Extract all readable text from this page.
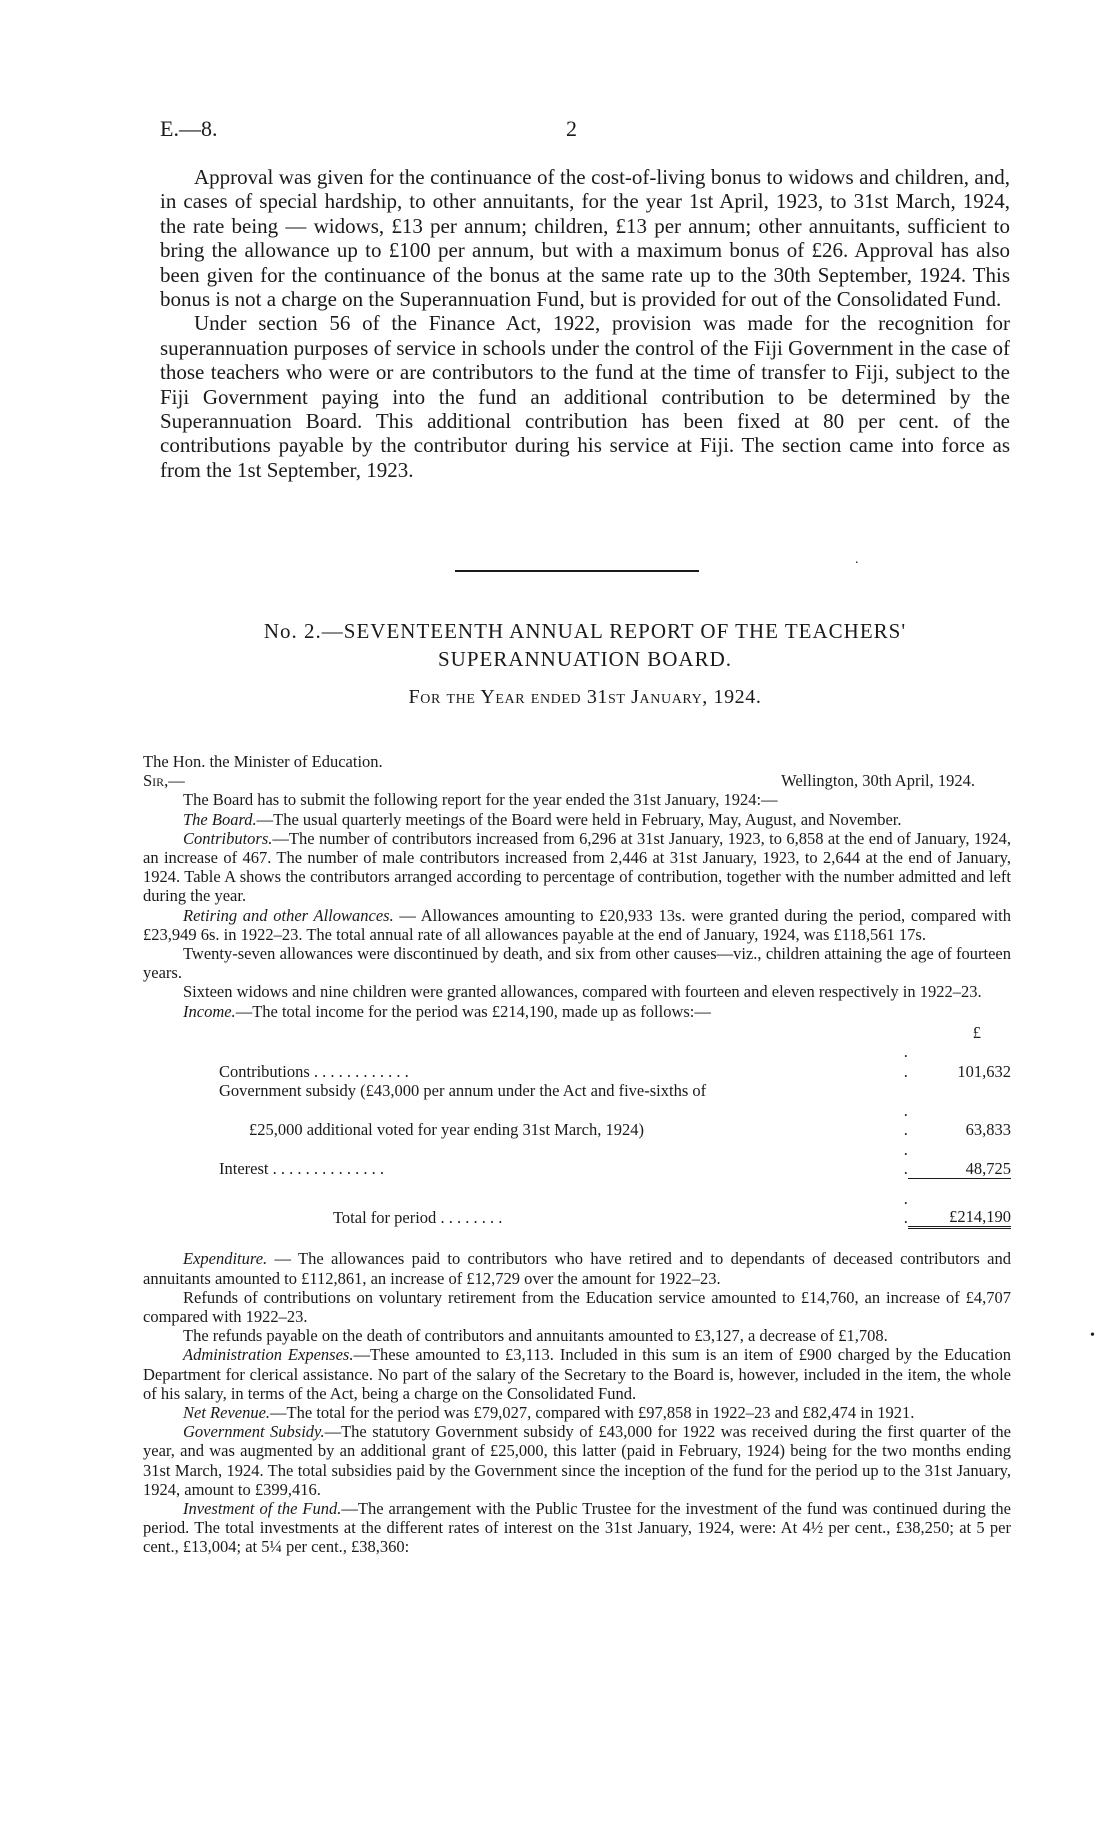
E.—8.	2

Approval was given for the continuance of the cost-of-living bonus to widows and children, and, in cases of special hardship, to other annuitants, for the year 1st April, 1923, to 31st March, 1924, the rate being — widows, £13 per annum; children, £13 per annum; other annuitants, sufficient to bring the allowance up to £100 per annum, but with a maximum bonus of £26. Approval has also been given for the continuance of the bonus at the same rate up to the 30th September, 1924. This bonus is not a charge on the Superannuation Fund, but is provided for out of the Consolidated Fund.

Under section 56 of the Finance Act, 1922, provision was made for the recognition for superannuation purposes of service in schools under the control of the Fiji Government in the case of those teachers who were or are contributors to the fund at the time of transfer to Fiji, subject to the Fiji Government paying into the fund an additional contribution to be determined by the Superannuation Board. This additional contribution has been fixed at 80 per cent. of the contributions payable by the contributor during his service at Fiji. The section came into force as from the 1st September, 1923.

.
No. 2.—SEVENTEENTH ANNUAL REPORT OF THE TEACHERS' SUPERANNUATION BOARD.
For the Year ended 31st January, 1924.

The Hon. the Minister of Education.

Sir,—	Wellington, 30th April, 1924.

The Board has to submit the following report for the year ended the 31st January, 1924:—

The Board.—The usual quarterly meetings of the Board were held in February, May, August, and November.

Contributors.—The number of contributors increased from 6,296 at 31st January, 1923, to 6,858 at the end of January, 1924, an increase of 467. The number of male contributors increased from 2,446 at 31st January, 1923, to 2,644 at the end of January, 1924. Table A shows the contributors arranged according to percentage of contribution, together with the number admitted and left during the year.

Retiring and other Allowances. — Allowances amounting to £20,933 13s. were granted during the period, compared with £23,949 6s. in 1922–23. The total annual rate of all allowances payable at the end of January, 1924, was £118,561 17s.

Twenty-seven allowances were discontinued by death, and six from other causes—viz., children attaining the age of fourteen years.

Sixteen widows and nine children were granted allowances, compared with fourteen and eleven respectively in 1922–23.

Income.—The total income for the period was £214,190, made up as follows:—

		£
Contributions . . . . . . . . . . . .	. .	101,632
Government subsidy (£43,000 per annum under the Act and five-sixths of		
£25,000 additional voted for year ending 31st March, 1924)	. .	63,833
Interest . . . . . . . . . . . . . .	. .	48,725
Total for period . . . . . . . .	. .	£214,190

Expenditure. — The allowances paid to contributors who have retired and to dependants of deceased contributors and annuitants amounted to £112,861, an increase of £12,729 over the amount for 1922–23.

Refunds of contributions on voluntary retirement from the Education service amounted to £14,760, an increase of £4,707 compared with 1922–23.

The refunds payable on the death of contributors and annuitants amounted to £3,127, a decrease of £1,708.

Administration Expenses.—These amounted to £3,113. Included in this sum is an item of £900 charged by the Education Department for clerical assistance. No part of the salary of the Secretary to the Board is, however, included in the item, the whole of his salary, in terms of the Act, being a charge on the Consolidated Fund.

Net Revenue.—The total for the period was £79,027, compared with £97,858 in 1922–23 and £82,474 in 1921.

Government Subsidy.—The statutory Government subsidy of £43,000 for 1922 was received during the first quarter of the year, and was augmented by an additional grant of £25,000, this latter (paid in February, 1924) being for the two months ending 31st March, 1924. The total subsidies paid by the Government since the inception of the fund for the period up to the 31st January, 1924, amount to £399,416.

Investment of the Fund.—The arrangement with the Public Trustee for the investment of the fund was continued during the period. The total investments at the different rates of interest on the 31st January, 1924, were: At 4½ per cent., £38,250; at 5 per cent., £13,004; at 5¼ per cent., £38,360:

•
